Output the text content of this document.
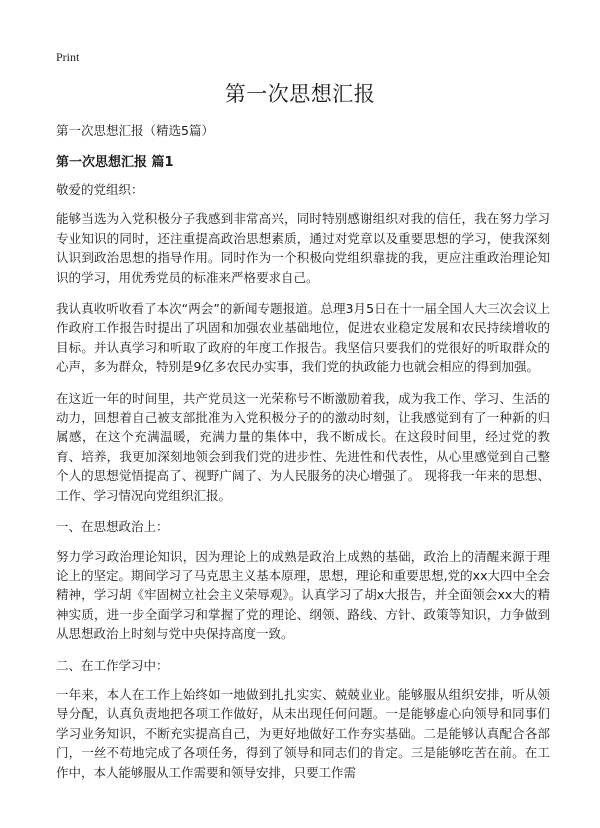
Print
第一次思想汇报

第一次思想汇报（精选5篇）

第一次思想汇报 篇1

敬爱的党组织：

能够当选为入党积极分子我感到非常高兴，同时特别感谢组织对我的信任，我在努力学习专业知识的同时，还注重提高政治思想素质，通过对党章以及重要思想的学习，使我深刻认识到政治思想的指导作用。同时作为一个积极向党组织靠拢的我，更应注重政治理论知识的学习，用优秀党员的标准来严格要求自己。

我认真收听收看了本次“两会”的新闻专题报道。总理3月5日在十一届全国人大三次会议上作政府工作报告时提出了巩固和加强农业基础地位，促进农业稳定发展和农民持续增收的目标。并认真学习和听取了政府的年度工作报告。我坚信只要我们的党很好的听取群众的心声，多为群众，特别是9亿多农民办实事，我们党的执政能力也就会相应的得到加强。

在这近一年的时间里，共产党员这一光荣称号不断激励着我，成为我工作、学习、生活的动力，回想着自己被支部批准为入党积极分子的的激动时刻，让我感觉到有了一种新的归属感，在这个充满温暖，充满力量的集体中，我不断成长。在这段时间里，经过党的教育、培养，我更加深刻地领会到我们党的进步性、先进性和代表性，从心里感觉到自己整个人的思想觉悟提高了、视野广阔了、为人民服务的决心增强了。 现将我一年来的思想、工作、学习情况向党组织汇报。

一、在思想政治上：

努力学习政治理论知识，因为理论上的成熟是政治上成熟的基础，政治上的清醒来源于理论上的坚定。期间学习了马克思主义基本原理，思想，理论和重要思想,党的xx大四中全会精神，学习胡《牢固树立社会主义荣辱观》。认真学习了胡x大报告，并全面领会xx大的精神实质，进一步全面学习和掌握了党的理论、纲领、路线、方针、政策等知识，力争做到从思想政治上时刻与党中央保持高度一致。

二、在工作学习中：

一年来，本人在工作上始终如一地做到扎扎实实、兢兢业业。能够服从组织安排，听从领导分配，认真负责地把各项工作做好，从未出现任何问题。一是能够虚心向领导和同事们学习业务知识，不断充实提高自己，为更好地做好工作夯实基础。二是能够认真配合各部门，一丝不苟地完成了各项任务，得到了领导和同志们的肯定。三是能够吃苦在前。在工作中，本人能够服从工作需要和领导安排，只要工作需
